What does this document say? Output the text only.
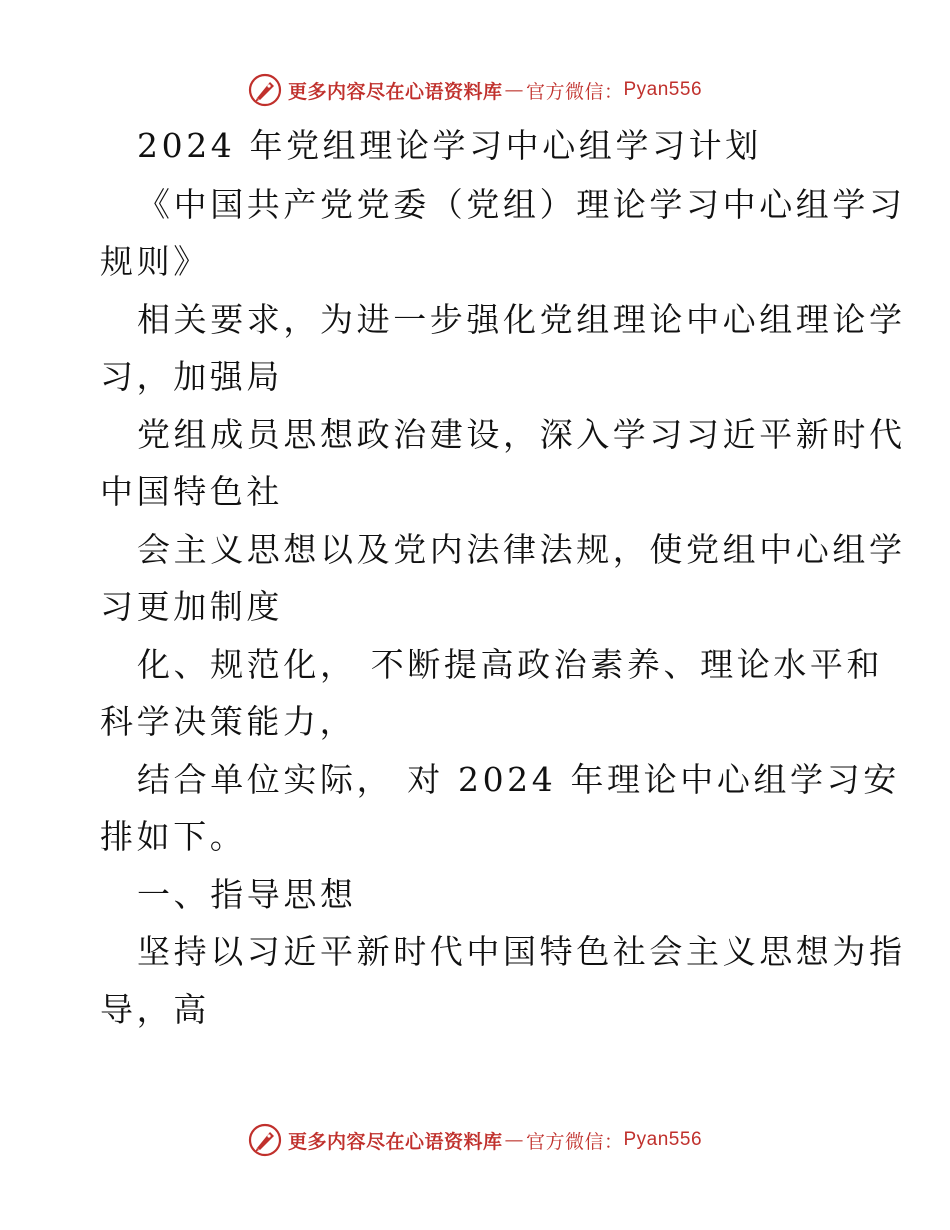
更多内容尽在心语资料库 — 官方微信： Pyan556
2024 年党组理论学习中心组学习计划
《中国共产党党委（党组）理论学习中心组学习
规则》
相关要求，为进一步强化党组理论中心组理论学
习，加强局
党组成员思想政治建设，深入学习习近平新时代
中国特色社
会主义思想以及党内法律法规，使党组中心组学
习更加制度
化、规范化， 不断提高政治素养、理论水平和
科学决策能力，
结合单位实际， 对 2024 年理论中心组学习安
排如下。
一、指导思想
坚持以习近平新时代中国特色社会主义思想为指
导，高
更多内容尽在心语资料库 — 官方微信： Pyan556
